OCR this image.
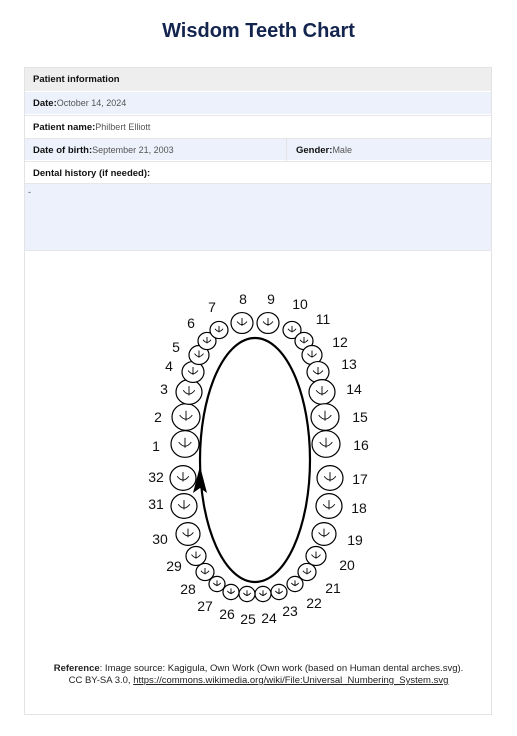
Wisdom Teeth Chart
Patient information
Date:October 14, 2024
Patient name:Philbert Elliott
Date of birth:September 21, 2003	Gender:Male
Dental history (if needed):
-
1
2
3
4
5
6
7 8 9 10
11
12
13
14
15
16
17
18
19
20
21
22
23
24
25
26
27
28
29
30
31
32
Reference: Image source: Kagigula, Own Work (Own work (based on Human dental arches.svg).
CC BY-SA 3.0, https://commons.wikimedia.org/wiki/File:Universal_Numbering_System.svg
